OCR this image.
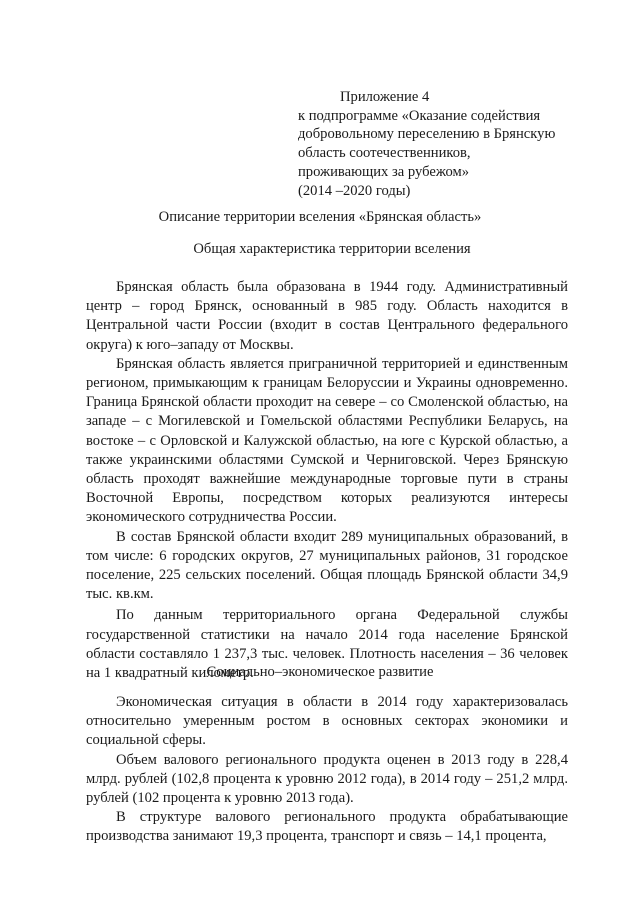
Приложение 4
к подпрограмме «Оказание содействия
добровольному переселению в Брянскую
область соотечественников,
проживающих за рубежом»
(2014 –2020 годы)
Описание территории вселения «Брянская область»
Общая характеристика территории вселения

Брянская область была образована в 1944 году. Административный центр – город Брянск, основанный в 985 году. Область находится в Центральной части России (входит в состав Центрального федерального округа) к юго–западу от Москвы.

Брянская область является приграничной территорией и единственным регионом, примыкающим к границам Белоруссии и Украины одновременно. Граница Брянской области проходит на севере – со Смоленской областью, на западе – с Могилевской и Гомельской областями Республики Беларусь, на востоке – с Орловской и Калужской областью, на юге с Курской областью, а также украинскими областями Сумской и Черниговской. Через Брянскую область проходят важнейшие международные торговые пути в страны Восточной Европы, посредством которых реализуются интересы экономического сотрудничества России.

В состав Брянской области входит 289 муниципальных образований, в том числе: 6 городских округов, 27 муниципальных районов, 31 городское поселение, 225 сельских поселений. Общая площадь Брянской области 34,9 тыс. кв.км.

По данным территориального органа Федеральной службы государственной статистики на начало 2014 года население Брянской области составляло 1 237,3 тыс. человек. Плотность населения – 36 человек на 1 квадратный километр.

Социально–экономическое развитие

Экономическая ситуация в области в 2014 году характеризовалась относительно умеренным ростом в основных секторах экономики и социальной сферы.

Объем валового регионального продукта оценен в 2013 году в 228,4 млрд. рублей (102,8 процента к уровню 2012 года), в 2014 году – 251,2 млрд. рублей (102 процента к уровню 2013 года).

В структуре валового регионального продукта обрабатывающие производства занимают 19,3 процента, транспорт и связь – 14,1 процента,
